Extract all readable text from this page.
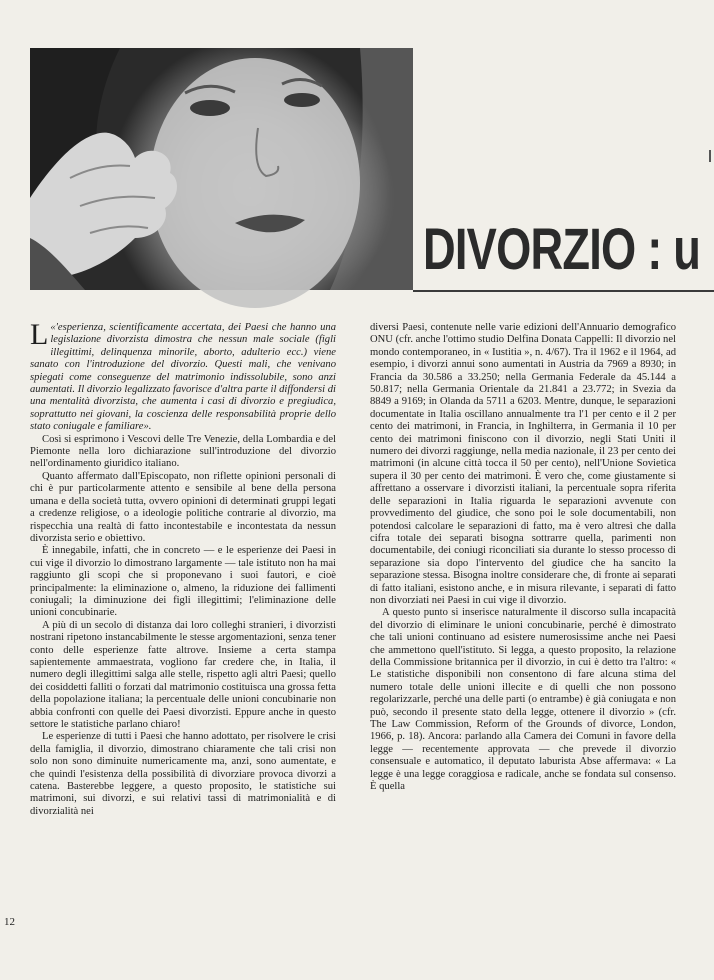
DIVORZIO : u

«
L 'esperienza, scientificamente accertata, dei Paesi che hanno una legislazione divorzista dimostra che nessun male sociale (figli illegittimi, delinquenza minorile, aborto, adulterio ecc.) viene sanato con l'introduzione del divorzio. Questi mali, che venivano spiegati come conseguenze del matrimonio indissolubile, sono anzi aumentati. Il divorzio legalizzato favorisce d'altra parte il diffondersi di una mentalità divorzista, che aumenta i casi di divorzio e pregiudica, soprattutto nei giovani, la coscienza delle responsabilità proprie dello stato coniugale e familiare».

Così si esprimono i Vescovi delle Tre Venezie, della Lombardia e del Piemonte nella loro dichiarazione sull'introduzione del divorzio nell'ordinamento giuridico italiano.

Quanto affermato dall'Episcopato, non riflette opinioni personali di chi è pur particolarmente attento e sensibile al bene della persona umana e della società tutta, ovvero opinioni di determinati gruppi legati a credenze religiose, o a ideologie politiche contrarie al divorzio, ma rispecchia una realtà di fatto incontestabile e incontestata da nessun divorzista serio e obiettivo.

È innegabile, infatti, che in concreto — e le esperienze dei Paesi in cui vige il divorzio lo dimostrano largamente — tale istituto non ha mai raggiunto gli scopi che si proponevano i suoi fautori, e cioè principalmente: la eliminazione o, almeno, la riduzione dei fallimenti coniugali; la diminuzione dei figli illegittimi; l'eliminazione delle unioni concubinarie.

A più di un secolo di distanza dai loro colleghi stranieri, i divorzisti nostrani ripetono instancabilmente le stesse argomentazioni, senza tener conto delle esperienze fatte altrove. Insieme a certa stampa sapientemente ammaestrata, vogliono far credere che, in Italia, il numero degli illegittimi salga alle stelle, rispetto agli altri Paesi; quello dei cosiddetti falliti o forzati dal matrimonio costituisca una grossa fetta della popolazione italiana; la percentuale delle unioni concubinarie non abbia confronti con quelle dei Paesi divorzisti. Eppure anche in questo settore le statistiche parlano chiaro!

Le esperienze di tutti i Paesi che hanno adottato, per risolvere le crisi della famiglia, il divorzio, dimostrano chiaramente che tali crisi non solo non sono diminuite numericamente ma, anzi, sono aumentate, e che quindi l'esistenza della possibilità di divorziare provoca divorzi a catena. Basterebbe leggere, a questo proposito, le statistiche sui matrimoni, sui divorzi, e sui relativi tassi di matrimonialità e di divorzialità nei

diversi Paesi, contenute nelle varie edizioni dell'Annuario demografico ONU (cfr. anche l'ottimo studio Delfina Donata Cappelli: Il divorzio nel mondo contemporaneo, in « Iustitia », n. 4/67). Tra il 1962 e il 1964, ad esempio, i divorzi annui sono aumentati in Austria da 7969 a 8930; in Francia da 30.586 a 33.250; nella Germania Federale da 45.144 a 50.817; nella Germania Orientale da 21.841 a 23.772; in Svezia da 8849 a 9169; in Olanda da 5711 a 6203. Mentre, dunque, le separazioni documentate in Italia oscillano annualmente tra l'1 per cento e il 2 per cento dei matrimoni, in Francia, in Inghilterra, in Germania il 10 per cento dei matrimoni finiscono con il divorzio, negli Stati Uniti il numero dei divorzi raggiunge, nella media nazionale, il 23 per cento dei matrimoni (in alcune città tocca il 50 per cento), nell'Unione Sovietica supera il 30 per cento dei matrimoni. È vero che, come giustamente si affrettano a osservare i divorzisti italiani, la percentuale sopra riferita delle separazioni in Italia riguarda le separazioni avvenute con provvedimento del giudice, che sono poi le sole documentabili, non potendosi calcolare le separazioni di fatto, ma è vero altresì che dalla cifra totale dei separati bisogna sottrarre quella, parimenti non documentabile, dei coniugi riconciliati sia durante lo stesso processo di separazione sia dopo l'intervento del giudice che ha sancito la separazione stessa. Bisogna inoltre considerare che, di fronte ai separati di fatto italiani, esistono anche, e in misura rilevante, i separati di fatto non divorziati nei Paesi in cui vige il divorzio.

A questo punto si inserisce naturalmente il discorso sulla incapacità del divorzio di eliminare le unioni concubinarie, perché è dimostrato che tali unioni continuano ad esistere numerosissime anche nei Paesi che ammettono quell'istituto. Si legga, a questo proposito, la relazione della Commissione britannica per il divorzio, in cui è detto tra l'altro: « Le statistiche disponibili non consentono di fare alcuna stima del numero totale delle unioni illecite e di quelli che non possono regolarizzarle, perché una delle parti (o entrambe) è già coniugata e non può, secondo il presente stato della legge, ottenere il divorzio » (cfr. The Law Commission, Reform of the Grounds of divorce, London, 1966, p. 18). Ancora: parlando alla Camera dei Comuni in favore della legge — recentemente approvata — che prevede il divorzio consensuale e automatico, il deputato laburista Abse affermava: « La legge è una legge coraggiosa e radicale, anche se fondata sul consenso. È quella

12
